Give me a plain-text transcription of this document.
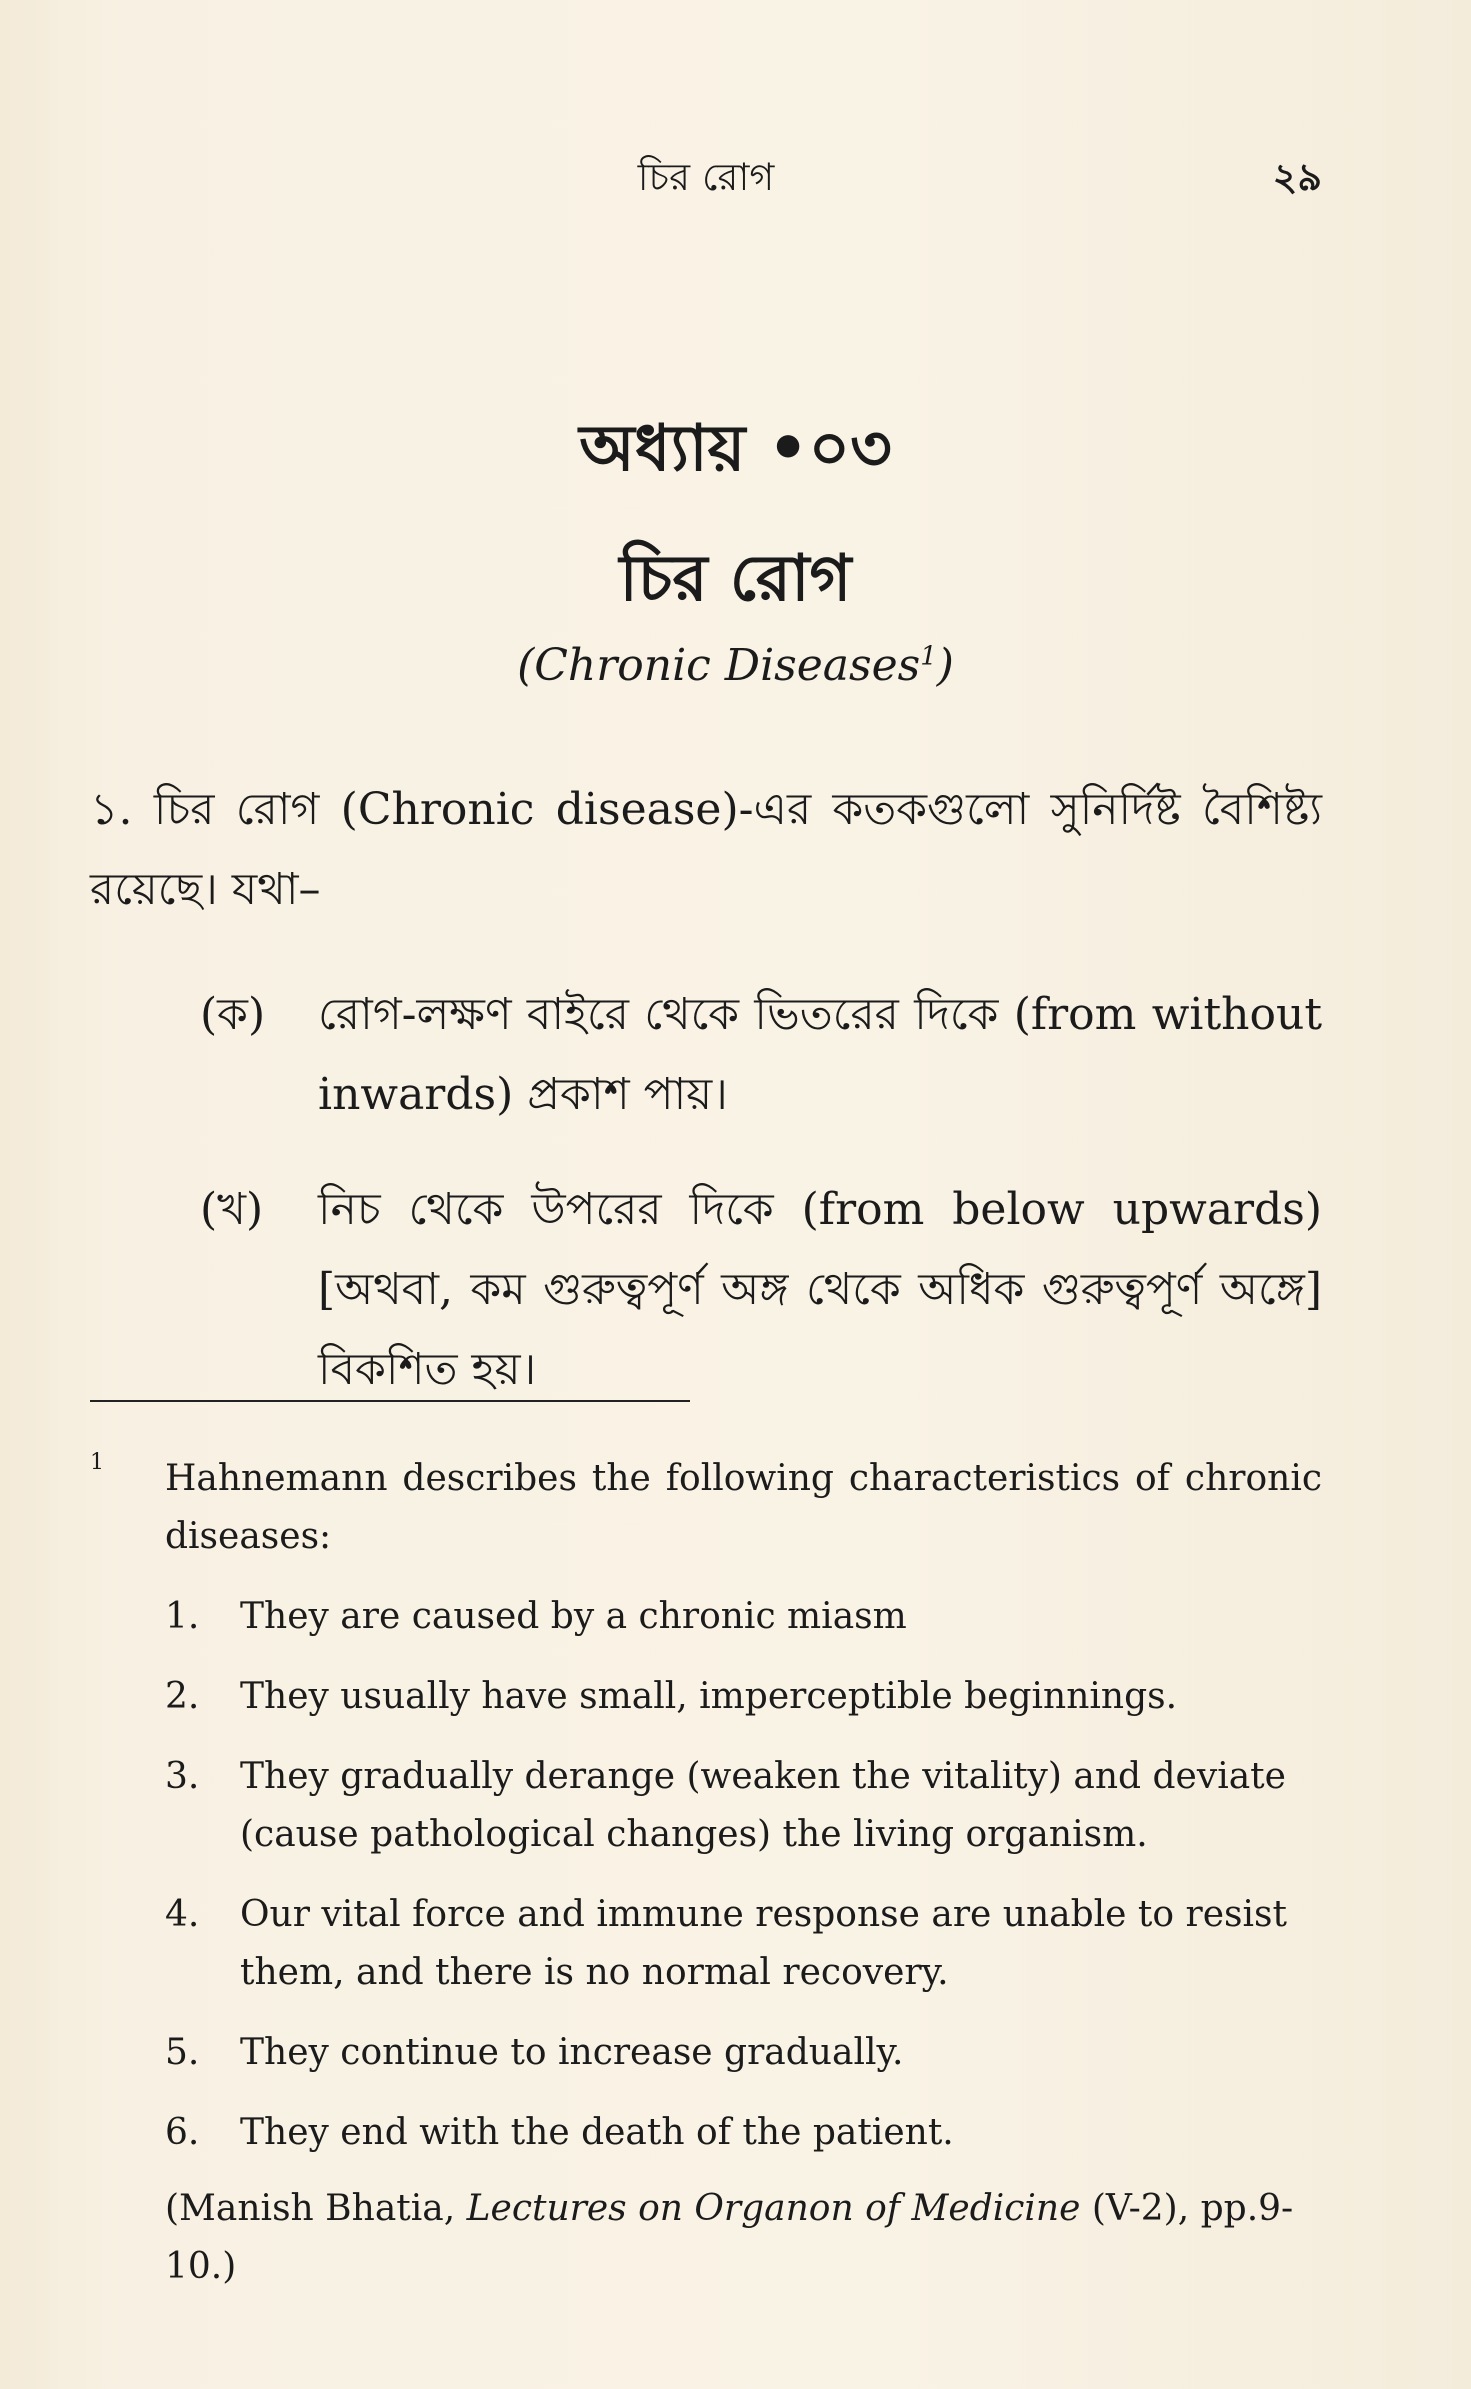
চির রোগ	২৯
অধ্যায় •০৩
চির রোগ
(Chronic Diseases$^1$)
১. চির রোগ (Chronic disease)-এর কতকগুলো সুনির্দিষ্ট বৈশিষ্ট্য রয়েছে। যথা–
(ক) রোগ-লক্ষণ বাইরে থেকে ভিতরের দিকে (from without inwards) প্রকাশ পায়।
(খ) নিচ থেকে উপরের দিকে (from below upwards) [অথবা, কম গুরুত্বপূর্ণ অঙ্গ থেকে অধিক গুরুত্বপূর্ণ অঙ্গে] বিকশিত হয়।
1 Hahnemann describes the following characteristics of chronic diseases:
1. They are caused by a chronic miasm
2. They usually have small, imperceptible beginnings.
3. They gradually derange (weaken the vitality) and deviate (cause pathological changes) the living organism.
4. Our vital force and immune response are unable to resist them, and there is no normal recovery.
5. They continue to increase gradually.
6. They end with the death of the patient.
(Manish Bhatia, Lectures on Organon of Medicine (V-2), pp.9-10.)
